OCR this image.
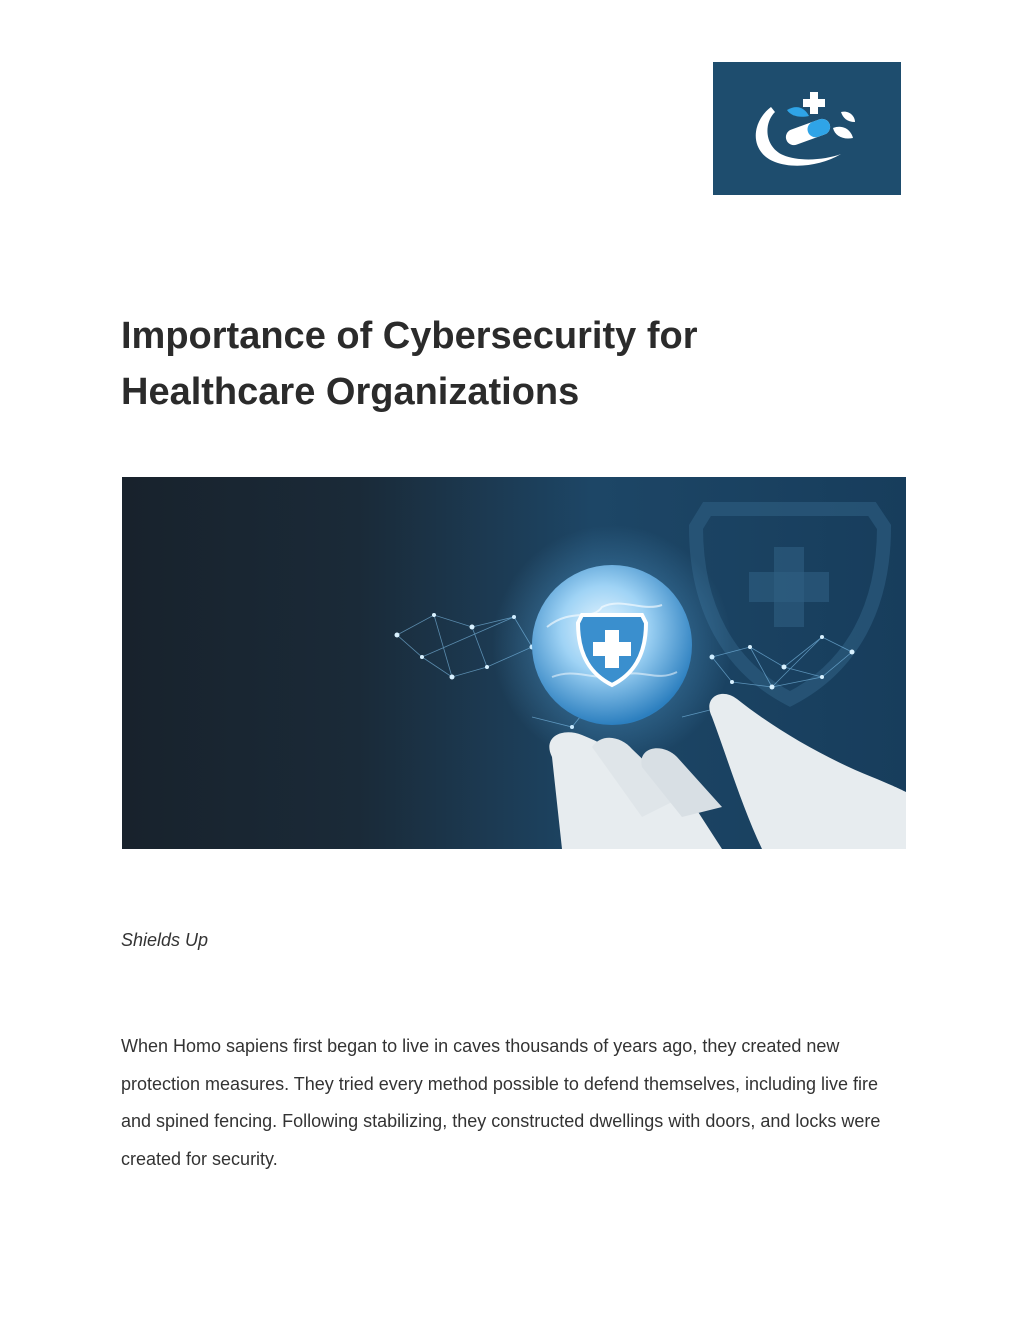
Importance of Cybersecurity for Healthcare Organizations

Shields Up

When Homo sapiens first began to live in caves thousands of years ago, they created new protection measures. They tried every method possible to defend themselves, including live fire and spined fencing. Following stabilizing, they constructed dwellings with doors, and locks were created for security.
